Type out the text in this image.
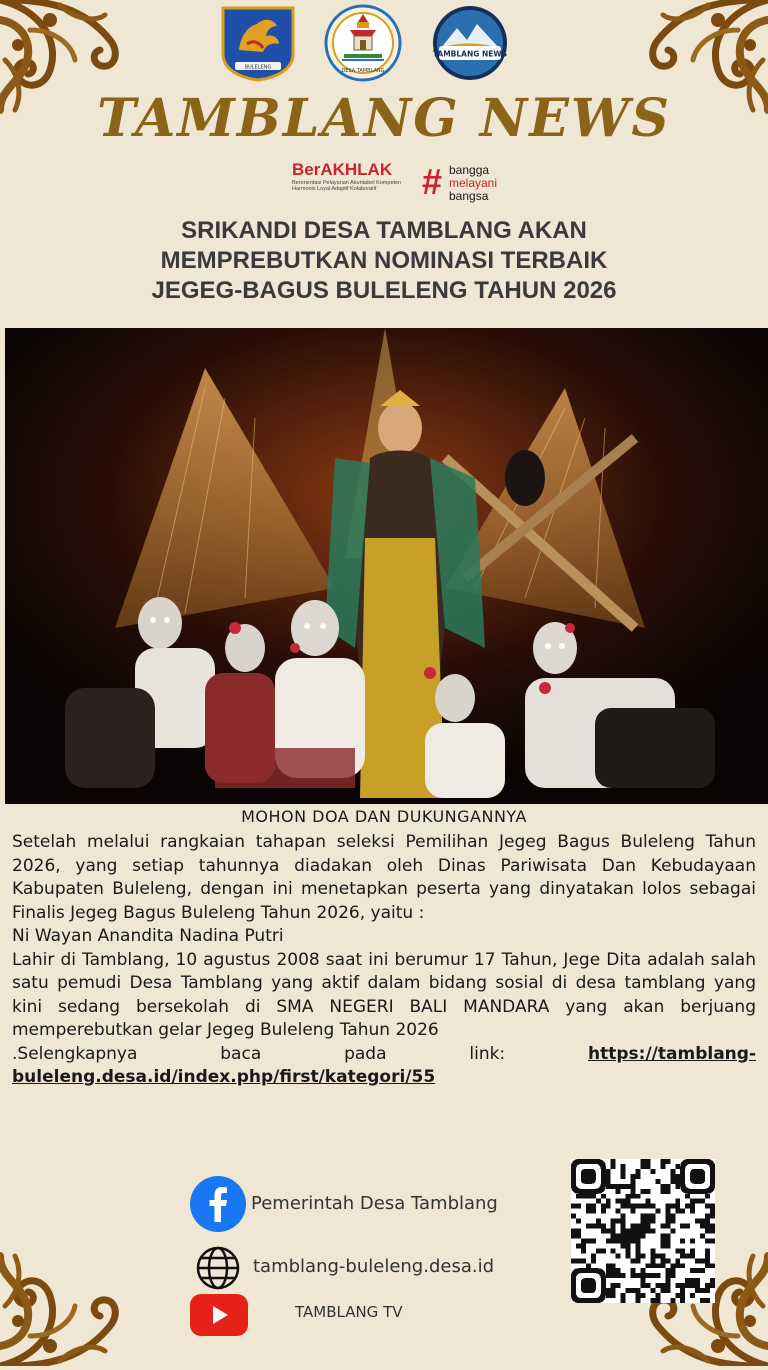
BULELENG
DESA TAMBLANG
TAMBLANG NEWS
TAMBLANG NEWS
BerAKHLAK
Berorientasi Pelayanan Akuntabel Kompeten
Harmonis Loyal Adaptif Kolaboratif	# bangga
melayani
bangsa
SRIKANDI DESA TAMBLANG AKAN
MEMPREBUTKAN NOMINASI TERBAIK
JEGEG-BAGUS BULELENG TAHUN 2026
MOHON DOA DAN DUKUNGANNYA

Setelah melalui rangkaian tahapan seleksi Pemilihan Jegeg Bagus Buleleng Tahun 2026, yang setiap tahunnya diadakan oleh Dinas Pariwisata Dan Kebudayaan Kabupaten Buleleng, dengan ini menetapkan peserta yang dinyatakan lolos sebagai Finalis Jegeg Bagus Buleleng Tahun 2026, yaitu :

Ni Wayan Anandita Nadina Putri

Lahir di Tamblang, 10 agustus 2008 saat ini berumur 17 Tahun, Jege Dita adalah salah satu pemudi Desa Tamblang yang aktif dalam bidang sosial di desa tamblang yang kini sedang bersekolah di SMA NEGERI BALI MANDARA yang akan berjuang memperebutkan gelar Jegeg Buleleng Tahun 2026

.Selengkapnya baca pada link:	https://tamblang-buleleng.desa.id/index.php/first/kategori/55

Pemerintah Desa Tamblang
tamblang-buleleng.desa.id
TAMBLANG TV
